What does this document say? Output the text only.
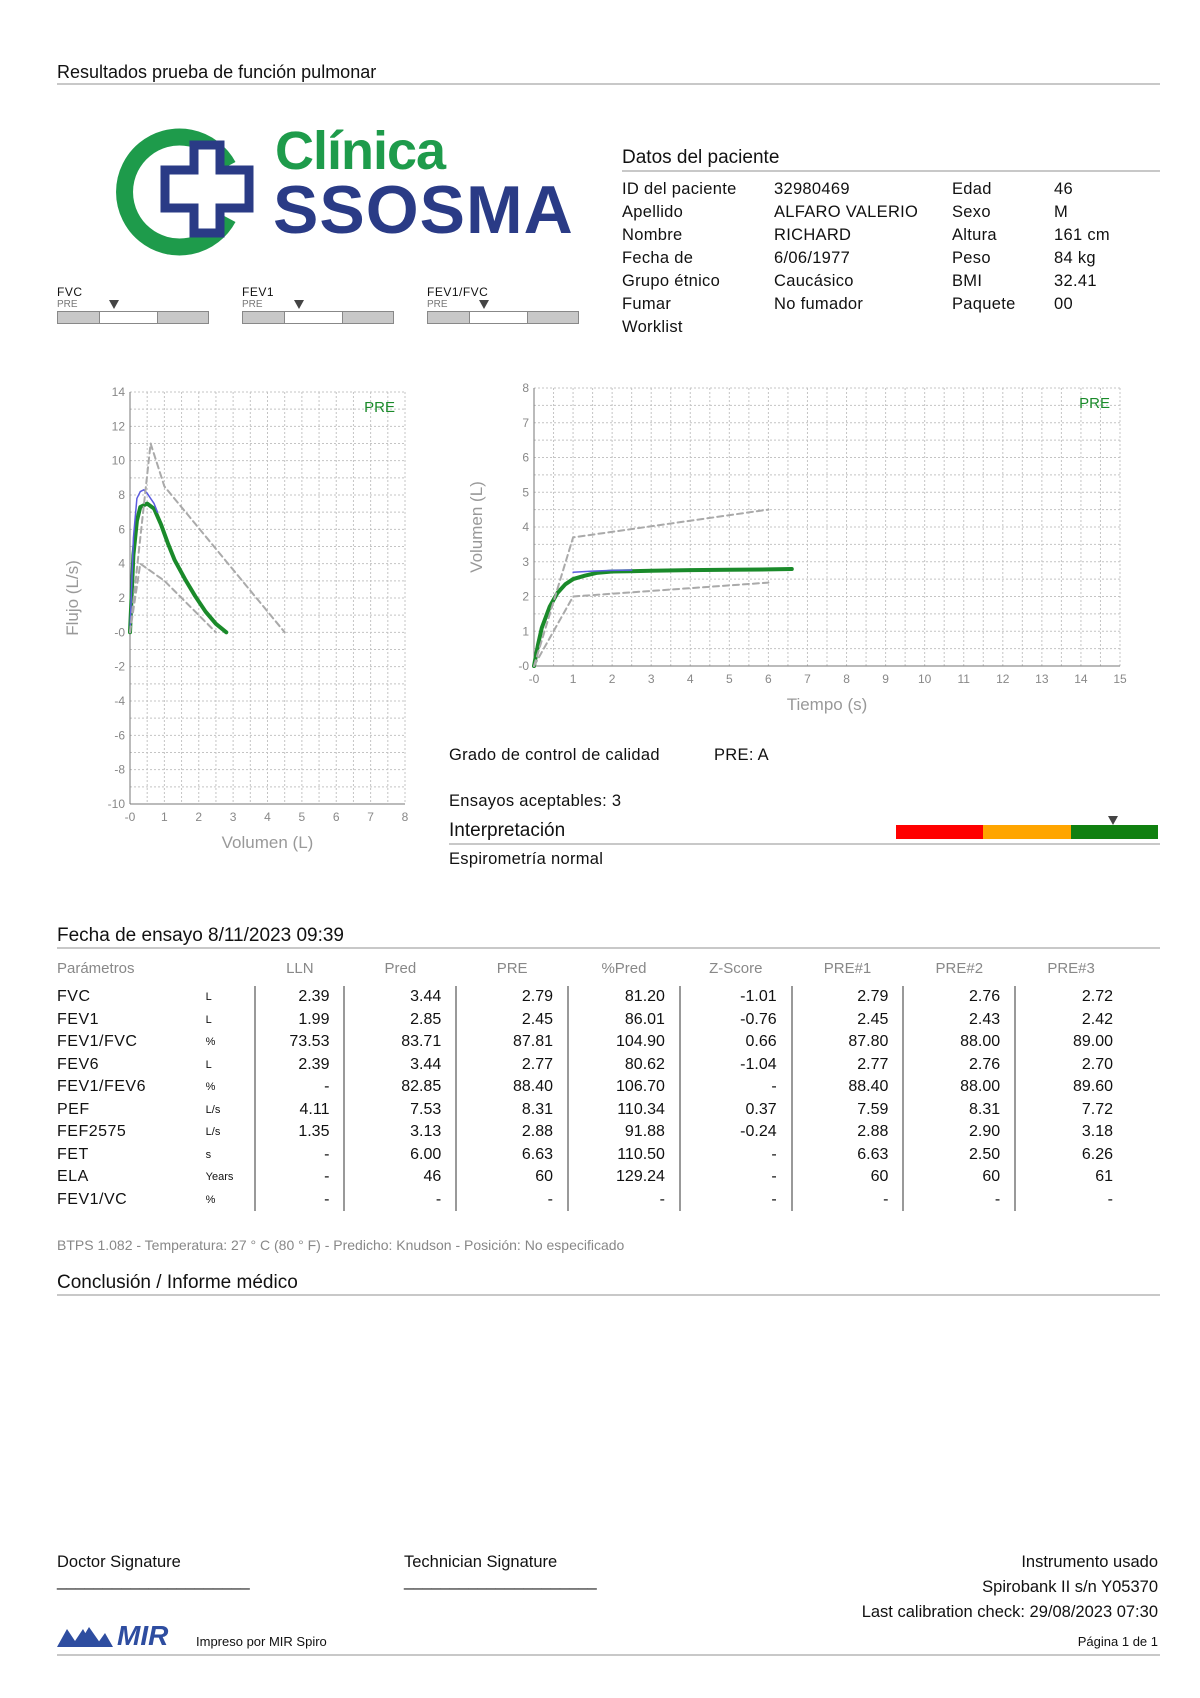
Resultados prueba de función pulmonar
Clínica
SSOSMA
Datos del paciente
ID del paciente 32980469	Edad	46
Apellido	ALFARO VALERIO Sexo	M
Nombre	RICHARD	Altura	161 cm
Fecha de	6/06/1977	Peso	84 kg
Grupo étnico	Caucásico	BMI	32.41
Fumar	No fumador	Paquete 00
Worklist
FVC
PRE
FEV1
PRE
FEV1/FVC
PRE
-0 1 2 3 4 5 6 7 8
14
12
10
8
6
4
2
-0
-2
-4
-6
-8
-10
Volumen (L)
Flujo (L/s)
PRE
-0	1	2	3	4	5	6	7	8	9 10 11 12 13 14 15
8
7
6
5
4
3
2
1
-0
Tiempo (s)
Volumen (L)
PRE
Grado de control de calidad	PRE: A
Ensayos aceptables: 3
Interpretación
Espirometría normal
Fecha de ensayo 8/11/2023 09:39
Parámetros		LLN	Pred	PRE	%Pred	Z-Score	PRE#1	PRE#2	PRE#3
FVC	L	2.39	3.44	2.79	81.20	-1.01	2.79	2.76	2.72
FEV1	L	1.99	2.85	2.45	86.01	-0.76	2.45	2.43	2.42
FEV1/FVC	%	73.53	83.71	87.81	104.90	0.66	87.80	88.00	89.00
FEV6	L	2.39	3.44	2.77	80.62	-1.04	2.77	2.76	2.70
FEV1/FEV6	%	-	82.85	88.40	106.70	-	88.40	88.00	89.60
PEF	L/s	4.11	7.53	8.31	110.34	0.37	7.59	8.31	7.72
FEF2575	L/s	1.35	3.13	2.88	91.88	-0.24	2.88	2.90	3.18
FET	s	-	6.00	6.63	110.50	-	6.63	2.50	6.26
ELA	Years	-	46	60	129.24	-	60	60	61
FEV1/VC	%	-	-	-	-	-	-	-	-
BTPS 1.082 - Temperatura: 27 ° C (80 ° F) - Predicho: Knudson - Posición: No especificado
Conclusión / Informe médico
Doctor Signature
_____________________
Technician Signature
_____________________
Instrumento usado
Spirobank II s/n Y05370
Last calibration check: 29/08/2023 07:30
MIR Impreso por MIR Spiro	Página 1 de 1
